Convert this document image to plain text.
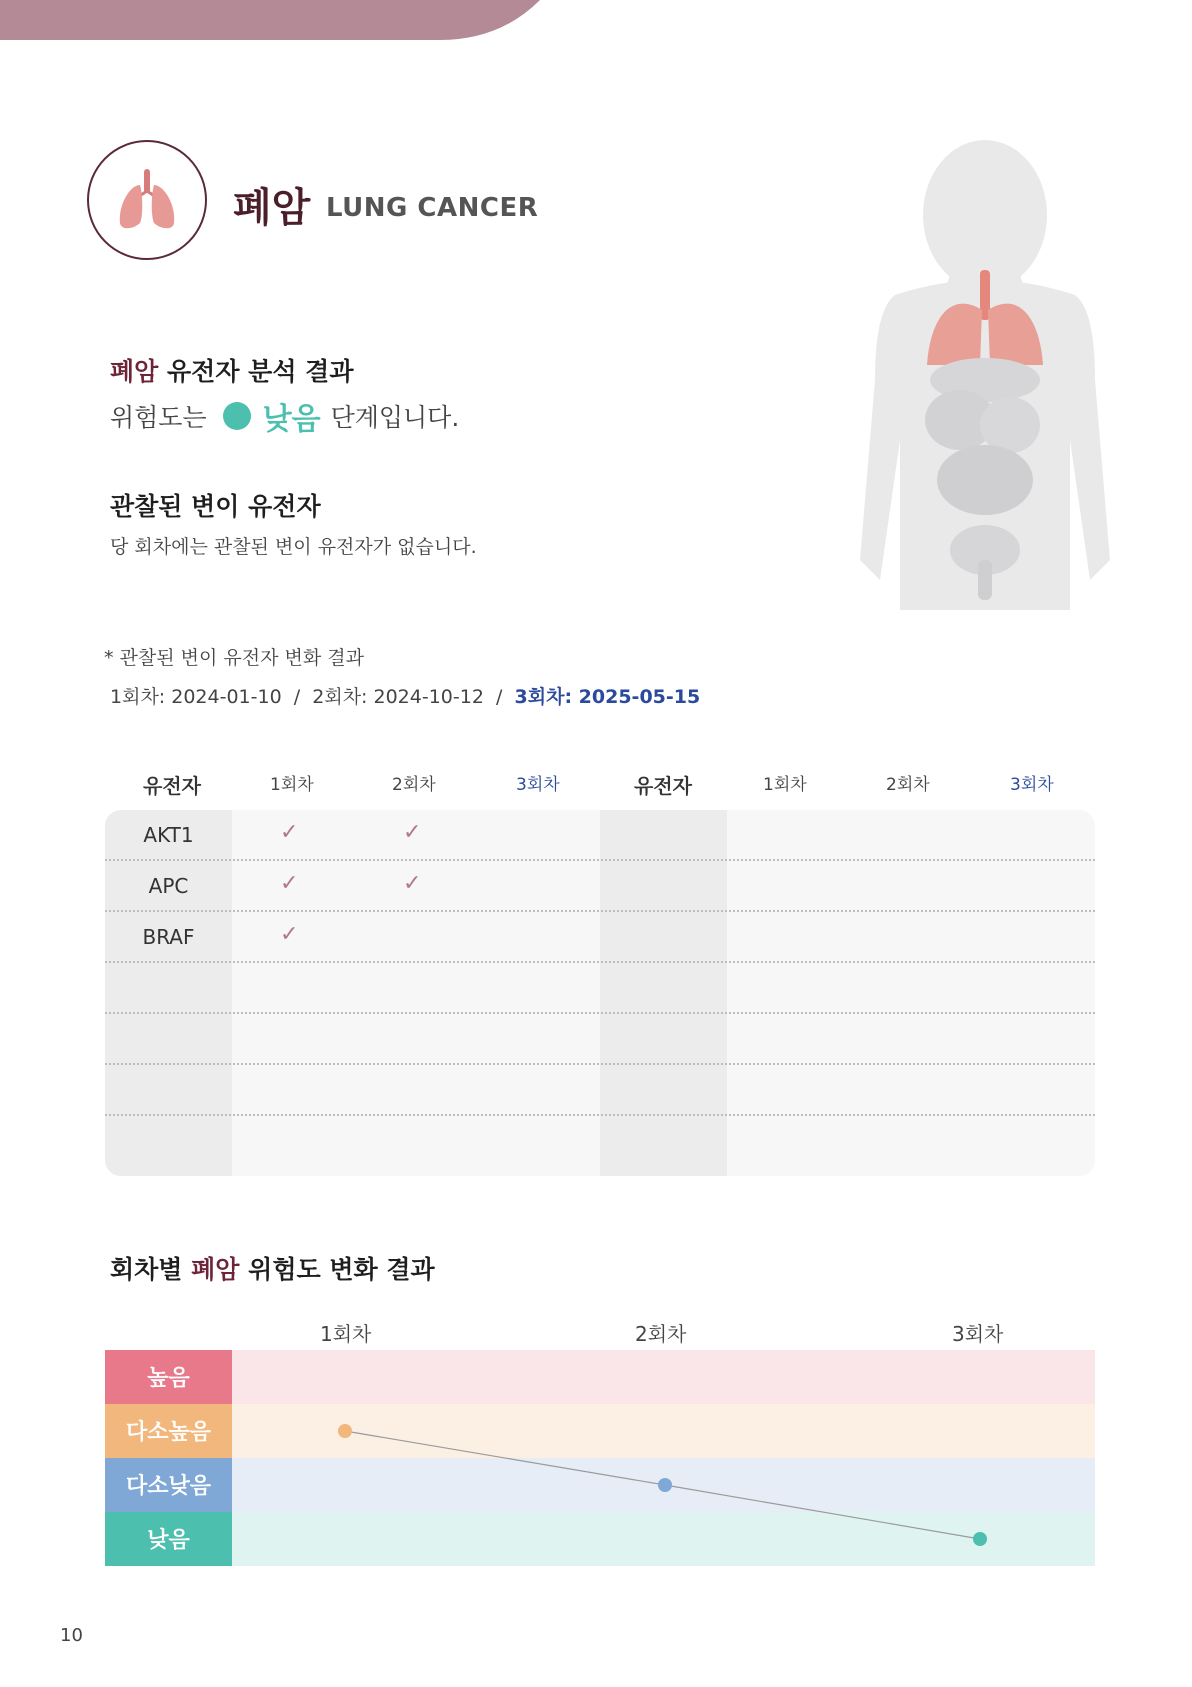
폐암 LUNG CANCER
폐암 유전자 분석 결과
위험도는 낮음 단계입니다.
관찰된 변이 유전자
당 회차에는 관찰된 변이 유전자가 없습니다.
* 관찰된 변이 유전자 변화 결과
1회차: 2024-01-10 / 2회차: 2024-10-12 / 3회차: 2025-05-15
유전자	1회차	2회차	3회차	유전자	1회차	2회차	3회차
AKT1	✓	✓
APC	✓	✓
BRAF	✓
회차별 폐암 위험도 변화 결과
1회차	2회차	3회차
높음
다소높음
다소낮음
낮음
10
